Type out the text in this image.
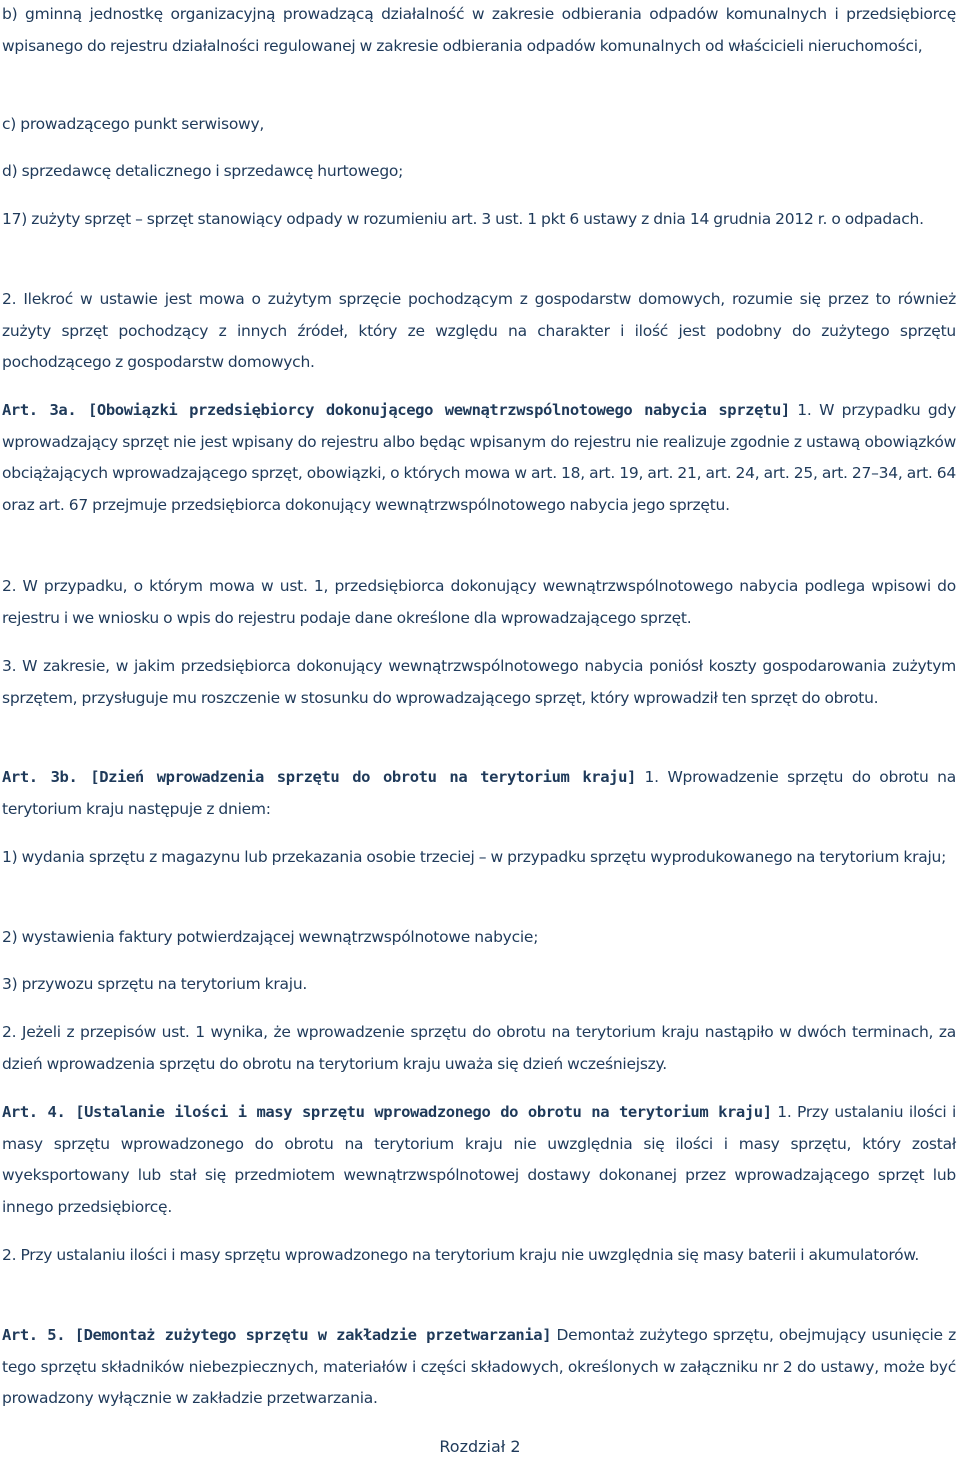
b) gminną jednostkę organizacyjną prowadzącą działalność w zakresie odbierania odpadów komunalnych i przedsiębiorcę wpisanego do rejestru działalności regulowanej w zakresie odbierania odpadów komunalnych od właścicieli nieruchomości,

c) prowadzącego punkt serwisowy,

d) sprzedawcę detalicznego i sprzedawcę hurtowego;

17) zużyty sprzęt – sprzęt stanowiący odpady w rozumieniu art. 3 ust. 1 pkt 6 ustawy z dnia 14 grudnia 2012 r. o odpadach.

2. Ilekroć w ustawie jest mowa o zużytym sprzęcie pochodzącym z gospodarstw domowych, rozumie się przez to również zużyty sprzęt pochodzący z innych źródeł, który ze względu na charakter i ilość jest podobny do zużytego sprzętu pochodzącego z gospodarstw domowych.

Art. 3a. [Obowiązki przedsiębiorcy dokonującego wewnątrzwspólnotowego nabycia sprzętu] 1. W przypadku gdy wprowadzający sprzęt nie jest wpisany do rejestru albo będąc wpisanym do rejestru nie realizuje zgodnie z ustawą obowiązków obciążających wprowadzającego sprzęt, obowiązki, o których mowa w art. 18, art. 19, art. 21, art. 24, art. 25, art. 27–34, art. 64 oraz art. 67 przejmuje przedsiębiorca dokonujący wewnątrzwspólnotowego nabycia jego sprzętu.

2. W przypadku, o którym mowa w ust. 1, przedsiębiorca dokonujący wewnątrzwspólnotowego nabycia podlega wpisowi do rejestru i we wniosku o wpis do rejestru podaje dane określone dla wprowadzającego sprzęt.

3. W zakresie, w jakim przedsiębiorca dokonujący wewnątrzwspólnotowego nabycia poniósł koszty gospodarowania zużytym sprzętem, przysługuje mu roszczenie w stosunku do wprowadzającego sprzęt, który wprowadził ten sprzęt do obrotu.

Art. 3b. [Dzień wprowadzenia sprzętu do obrotu na terytorium kraju] 1. Wprowadzenie sprzętu do obrotu na terytorium kraju następuje z dniem:

1) wydania sprzętu z magazynu lub przekazania osobie trzeciej – w przypadku sprzętu wyprodukowanego na terytorium kraju;

2) wystawienia faktury potwierdzającej wewnątrzwspólnotowe nabycie;

3) przywozu sprzętu na terytorium kraju.

2. Jeżeli z przepisów ust. 1 wynika, że wprowadzenie sprzętu do obrotu na terytorium kraju nastąpiło w dwóch terminach, za dzień wprowadzenia sprzętu do obrotu na terytorium kraju uważa się dzień wcześniejszy.

Art. 4. [Ustalanie ilości i masy sprzętu wprowadzonego do obrotu na terytorium kraju] 1. Przy ustalaniu ilości i masy sprzętu wprowadzonego do obrotu na terytorium kraju nie uwzględnia się ilości i masy sprzętu, który został wyeksportowany lub stał się przedmiotem wewnątrzwspólnotowej dostawy dokonanej przez wprowadzającego sprzęt lub innego przedsiębiorcę.

2. Przy ustalaniu ilości i masy sprzętu wprowadzonego na terytorium kraju nie uwzględnia się masy baterii i akumulatorów.

Art. 5. [Demontaż zużytego sprzętu w zakładzie przetwarzania] Demontaż zużytego sprzętu, obejmujący usunięcie z tego sprzętu składników niebezpiecznych, materiałów i części składowych, określonych w załączniku nr 2 do ustawy, może być prowadzony wyłącznie w zakładzie przetwarzania.

Rozdział 2
